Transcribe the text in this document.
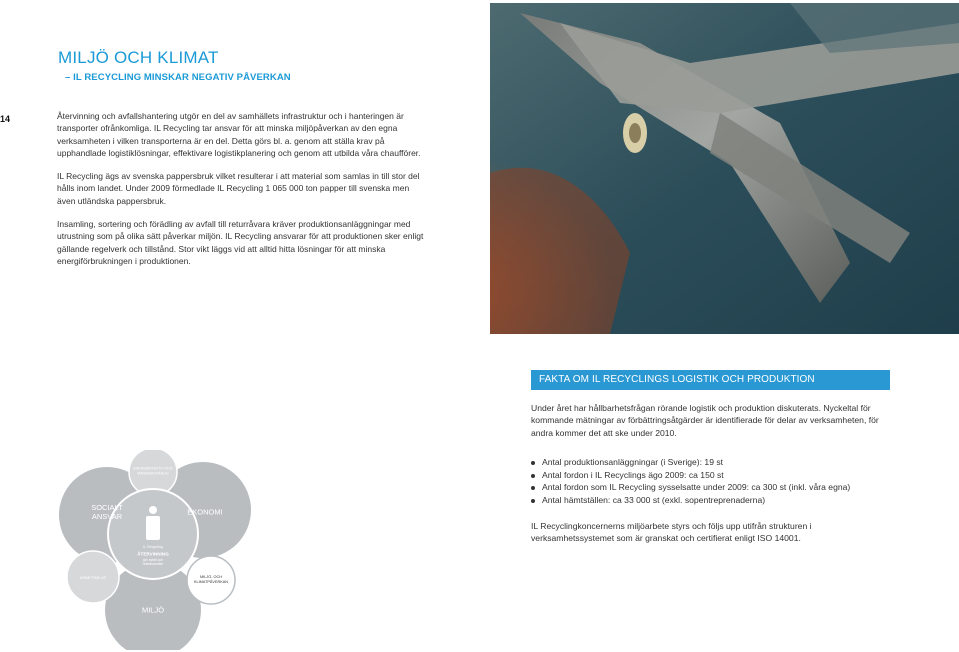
MILJÖ OCH KLIMAT
– IL RECYCLING MINSKAR NEGATIV PÅVERKAN
14	Återvinning och avfallshantering utgör en del av samhällets infrastruktur och i hanteringen är transporter ofrånkomliga. IL Recycling tar ansvar för att minska miljöpåverkan av den egna verksamheten i vilken transporterna är en del. Detta görs bl. a. genom att ställa krav på upphandlade logistiklösningar, effektivare logistikplanering och genom att utbilda våra chaufförer.

IL Recycling ägs av svenska pappersbruk vilket resulterar i att material som samlas in till stor del hålls inom landet. Under 2009 förmedlade IL Recycling 1 065 000 ton papper till svenska men även utländska pappersbruk.

Insamling, sortering och förädling av avfall till returråvara kräver produktionsanläggningar med utrustning som på olika sätt påverkar miljön. IL Recycling ansvarar för att produktionen sker enligt gällande regelverk och tillstånd. Stor vikt läggs vid att alltid hitta lösningar för att minska energiförbrukningen i produktionen.

FAKTA OM IL RECYCLINGS LOGISTIK OCH PRODUKTION

Under året har hållbarhetsfrågan rörande logistik och produktion diskuterats. Nyckeltal för kommande mätningar av förbättringsåtgärder är identifierade för delar av verksamheten, för andra kommer det att ske under 2010.

Antal produktionsanläggningar (i Sverige): 19 st
Antal fordon i IL Recyclings ägo 2009: ca 150 st
Antal fordon som IL Recycling sysselsatte under 2009: ca 300 st (inkl. våra egna)
Antal hämtställen: ca 33 000 st (exkl. sopentreprenaderna)

IL Recyclingkoncernerns miljöarbete styrs och följs upp utifrån strukturen i verksamhetssystemet som är granskat och certifierat enligt ISO 14001.

SOCIALT ANSVAR	EKONOMI
MILJÖ
ENERGIEFFEKTIV OCH MÄNNISKOVÄNLIG
ARBETSMILJÖ	MILJÖ- OCH KLIMATPÅVERKAN
IL Recycling
ÅTERVINNING
gör avfall och restråvarufiler
